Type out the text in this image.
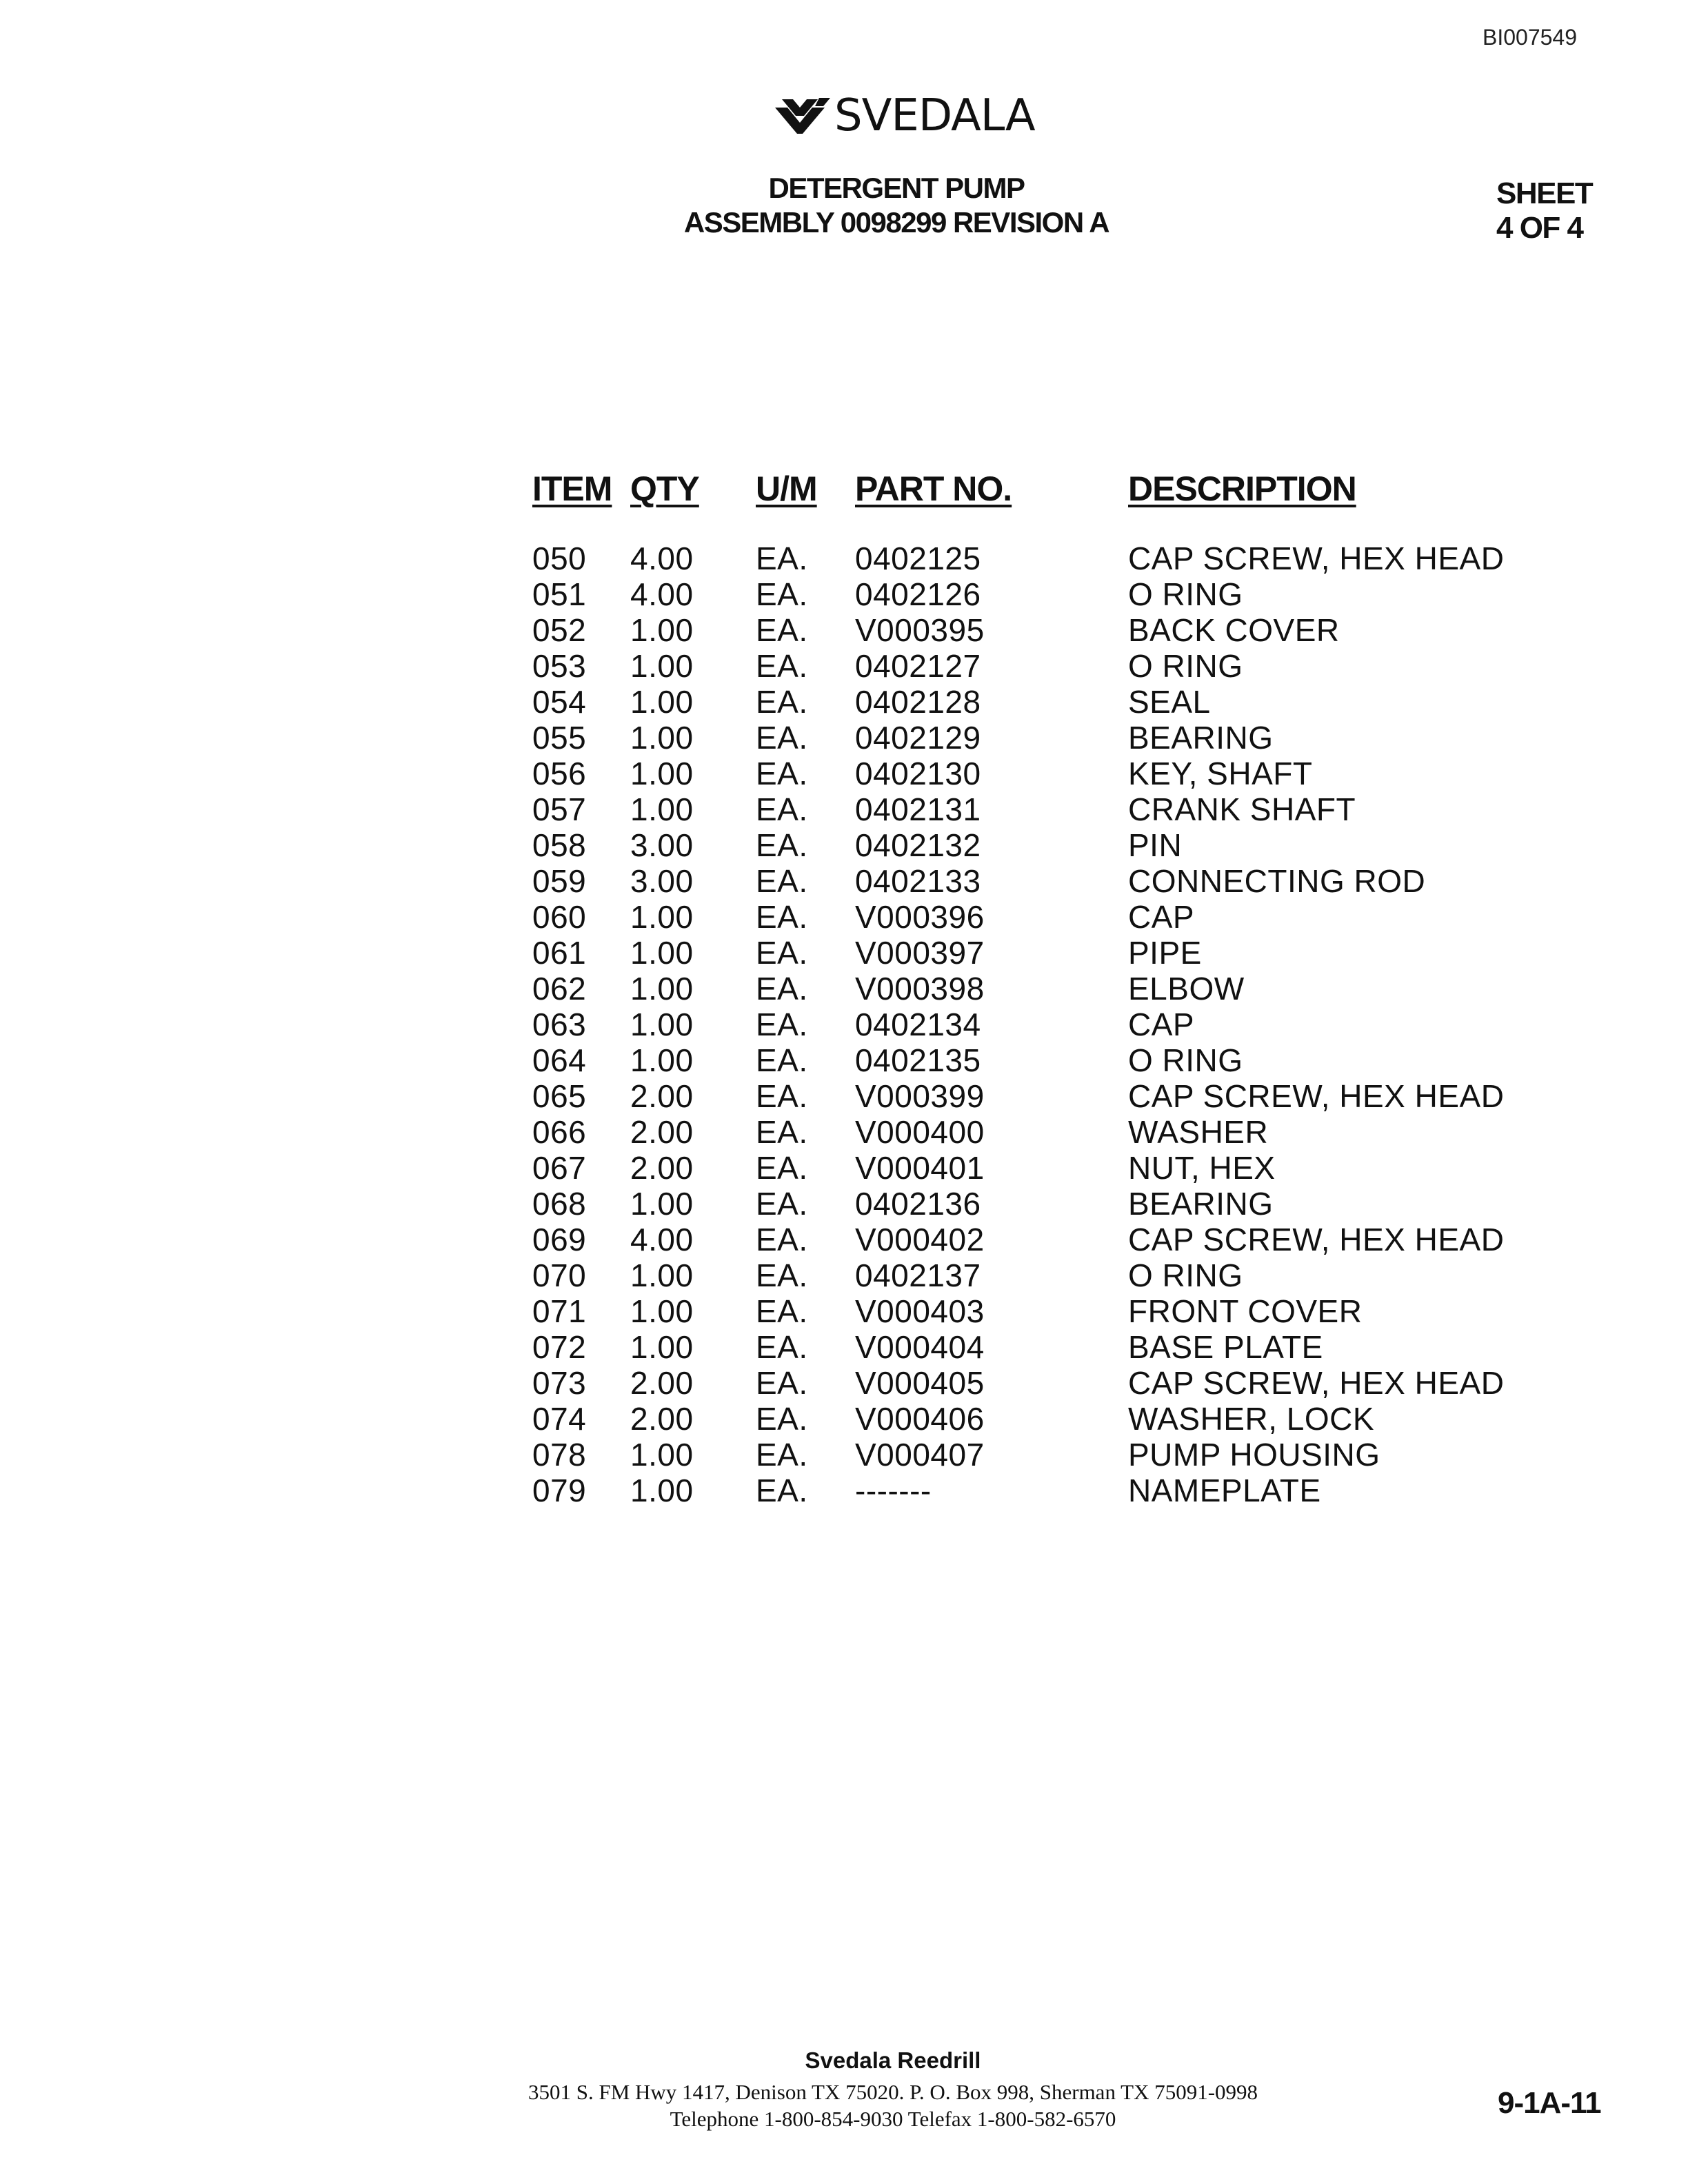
BI007549
SVEDALA
DETERGENT PUMP
ASSEMBLY 0098299 REVISION A
SHEET
4 OF 4
ITEM	QTY	U/M	PART NO.	DESCRIPTION
050	4.00	EA.	0402125	CAP SCREW, HEX HEAD
051	4.00	EA.	0402126	O RING
052	1.00	EA.	V000395	BACK COVER
053	1.00	EA.	0402127	O RING
054	1.00	EA.	0402128	SEAL
055	1.00	EA.	0402129	BEARING
056	1.00	EA.	0402130	KEY, SHAFT
057	1.00	EA.	0402131	CRANK SHAFT
058	3.00	EA.	0402132	PIN
059	3.00	EA.	0402133	CONNECTING ROD
060	1.00	EA.	V000396	CAP
061	1.00	EA.	V000397	PIPE
062	1.00	EA.	V000398	ELBOW
063	1.00	EA.	0402134	CAP
064	1.00	EA.	0402135	O RING
065	2.00	EA.	V000399	CAP SCREW, HEX HEAD
066	2.00	EA.	V000400	WASHER
067	2.00	EA.	V000401	NUT, HEX
068	1.00	EA.	0402136	BEARING
069	4.00	EA.	V000402	CAP SCREW, HEX HEAD
070	1.00	EA.	0402137	O RING
071	1.00	EA.	V000403	FRONT COVER
072	1.00	EA.	V000404	BASE PLATE
073	2.00	EA.	V000405	CAP SCREW, HEX HEAD
074	2.00	EA.	V000406	WASHER, LOCK
078	1.00	EA.	V000407	PUMP HOUSING
079	1.00	EA.	-------	NAMEPLATE
Svedala Reedrill
3501 S. FM Hwy 1417, Denison TX 75020. P. O. Box 998, Sherman TX 75091-0998
Telephone 1-800-854-9030 Telefax 1-800-582-6570	9-1A-11
